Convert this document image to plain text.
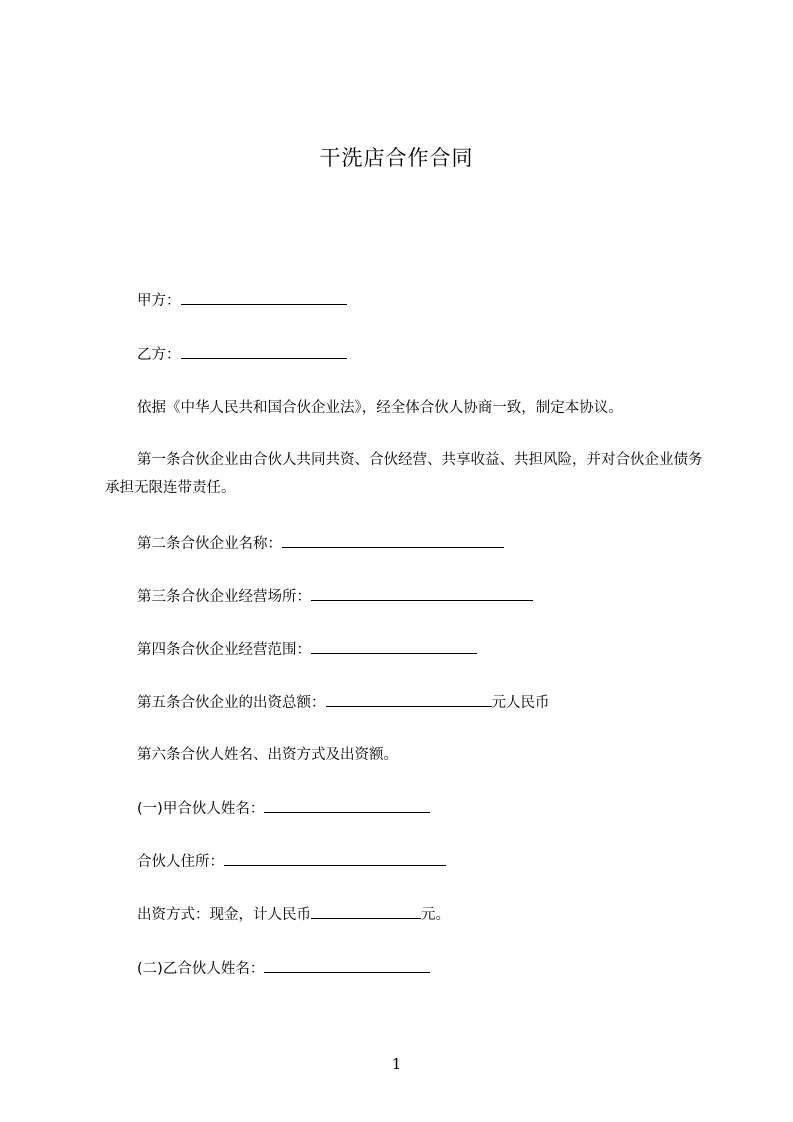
干洗店合作合同
甲方：
乙方：
依据《中华人民共和国合伙企业法》，经全体合伙人协商一致，制定本协议。
第一条合伙企业由合伙人共同共资、合伙经营、共享收益、共担风险，并对合伙企业债务承担无限连带责任。
第二条合伙企业名称：
第三条合伙企业经营场所：
第四条合伙企业经营范围：
第五条合伙企业的出资总额：	元人民币
第六条合伙人姓名、出资方式及出资额。
(一)甲合伙人姓名：
合伙人住所：
出资方式：现金，计人民币	元。
(二)乙合伙人姓名：
1
